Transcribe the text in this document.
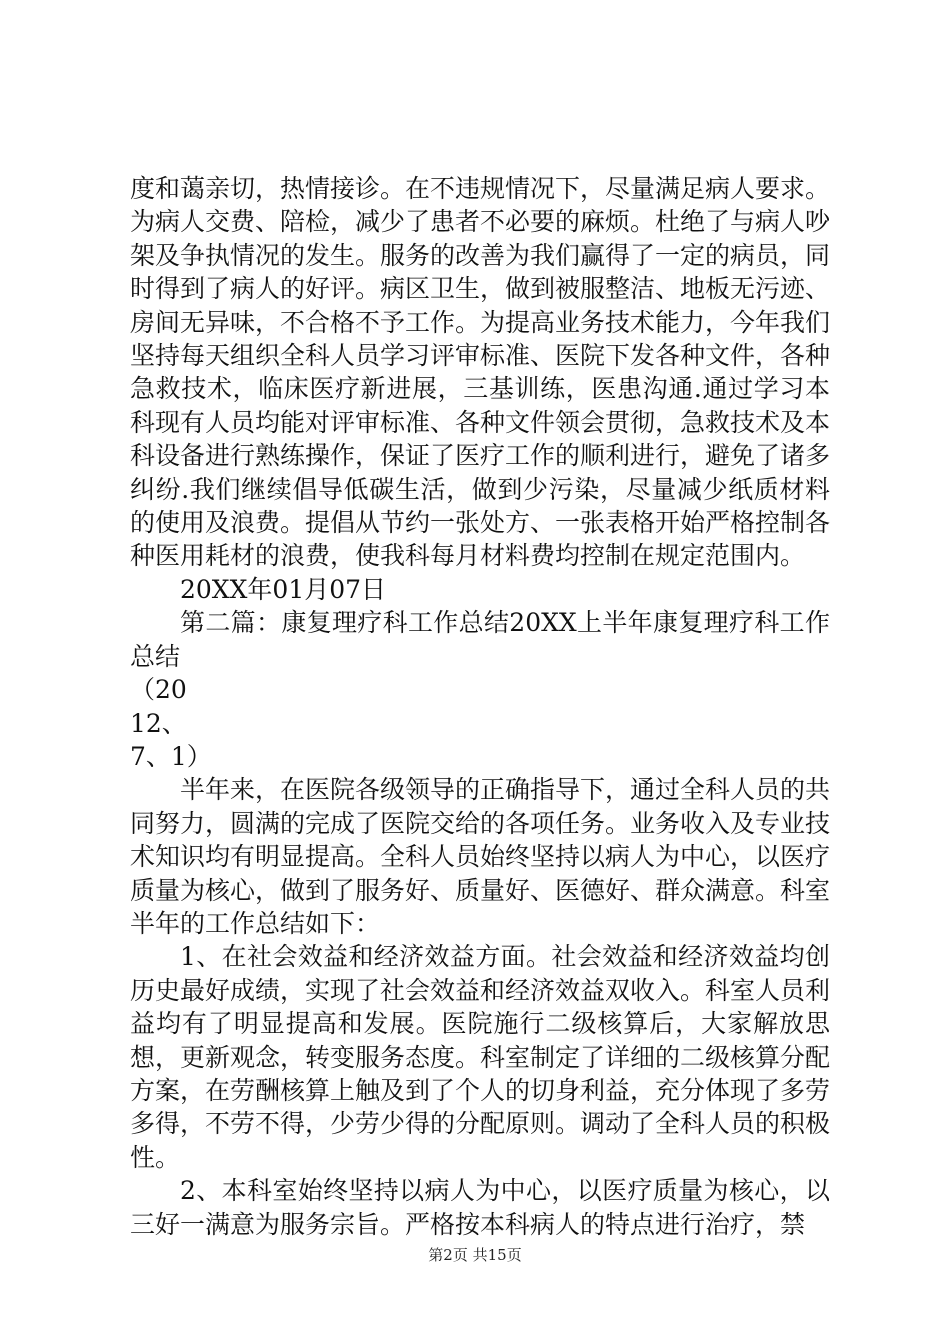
度和蔼亲切，热情接诊。在不违规情况下，尽量满足病人要求。为病人交费、陪检，减少了患者不必要的麻烦。杜绝了与病人吵架及争执情况的发生。服务的改善为我们赢得了一定的病员，同时得到了病人的好评。病区卫生，做到被服整洁、地板无污迹、房间无异味，不合格不予工作。为提高业务技术能力，今年我们坚持每天组织全科人员学习评审标准、医院下发各种文件，各种急救技术，临床医疗新进展，三基训练，医患沟通.通过学习本科现有人员均能对评审标准、各种文件领会贯彻，急救技术及本科设备进行熟练操作，保证了医疗工作的顺利进行，避免了诸多纠纷.我们继续倡导低碳生活，做到少污染，尽量减少纸质材料的使用及浪费。提倡从节约一张处方、一张表格开始严格控制各种医用耗材的浪费，使我科每月材料费均控制在规定范围内。

20XX年01月07日

第二篇：康复理疗科工作总结20XX上半年康复理疗科工作总结

（20

12、

7、1）

半年来，在医院各级领导的正确指导下，通过全科人员的共同努力，圆满的完成了医院交给的各项任务。业务收入及专业技术知识均有明显提高。全科人员始终坚持以病人为中心，以医疗质量为核心，做到了服务好、质量好、医德好、群众满意。科室半年的工作总结如下：

1、在社会效益和经济效益方面。社会效益和经济效益均创历史最好成绩，实现了社会效益和经济效益双收入。科室人员利益均有了明显提高和发展。医院施行二级核算后，大家解放思想，更新观念，转变服务态度。科室制定了详细的二级核算分配方案，在劳酬核算上触及到了个人的切身利益，充分体现了多劳多得，不劳不得，少劳少得的分配原则。调动了全科人员的积极性。

2、本科室始终坚持以病人为中心，以医疗质量为核心，以三好一满意为服务宗旨。严格按本科病人的特点进行治疗，禁

第2页 共15页
